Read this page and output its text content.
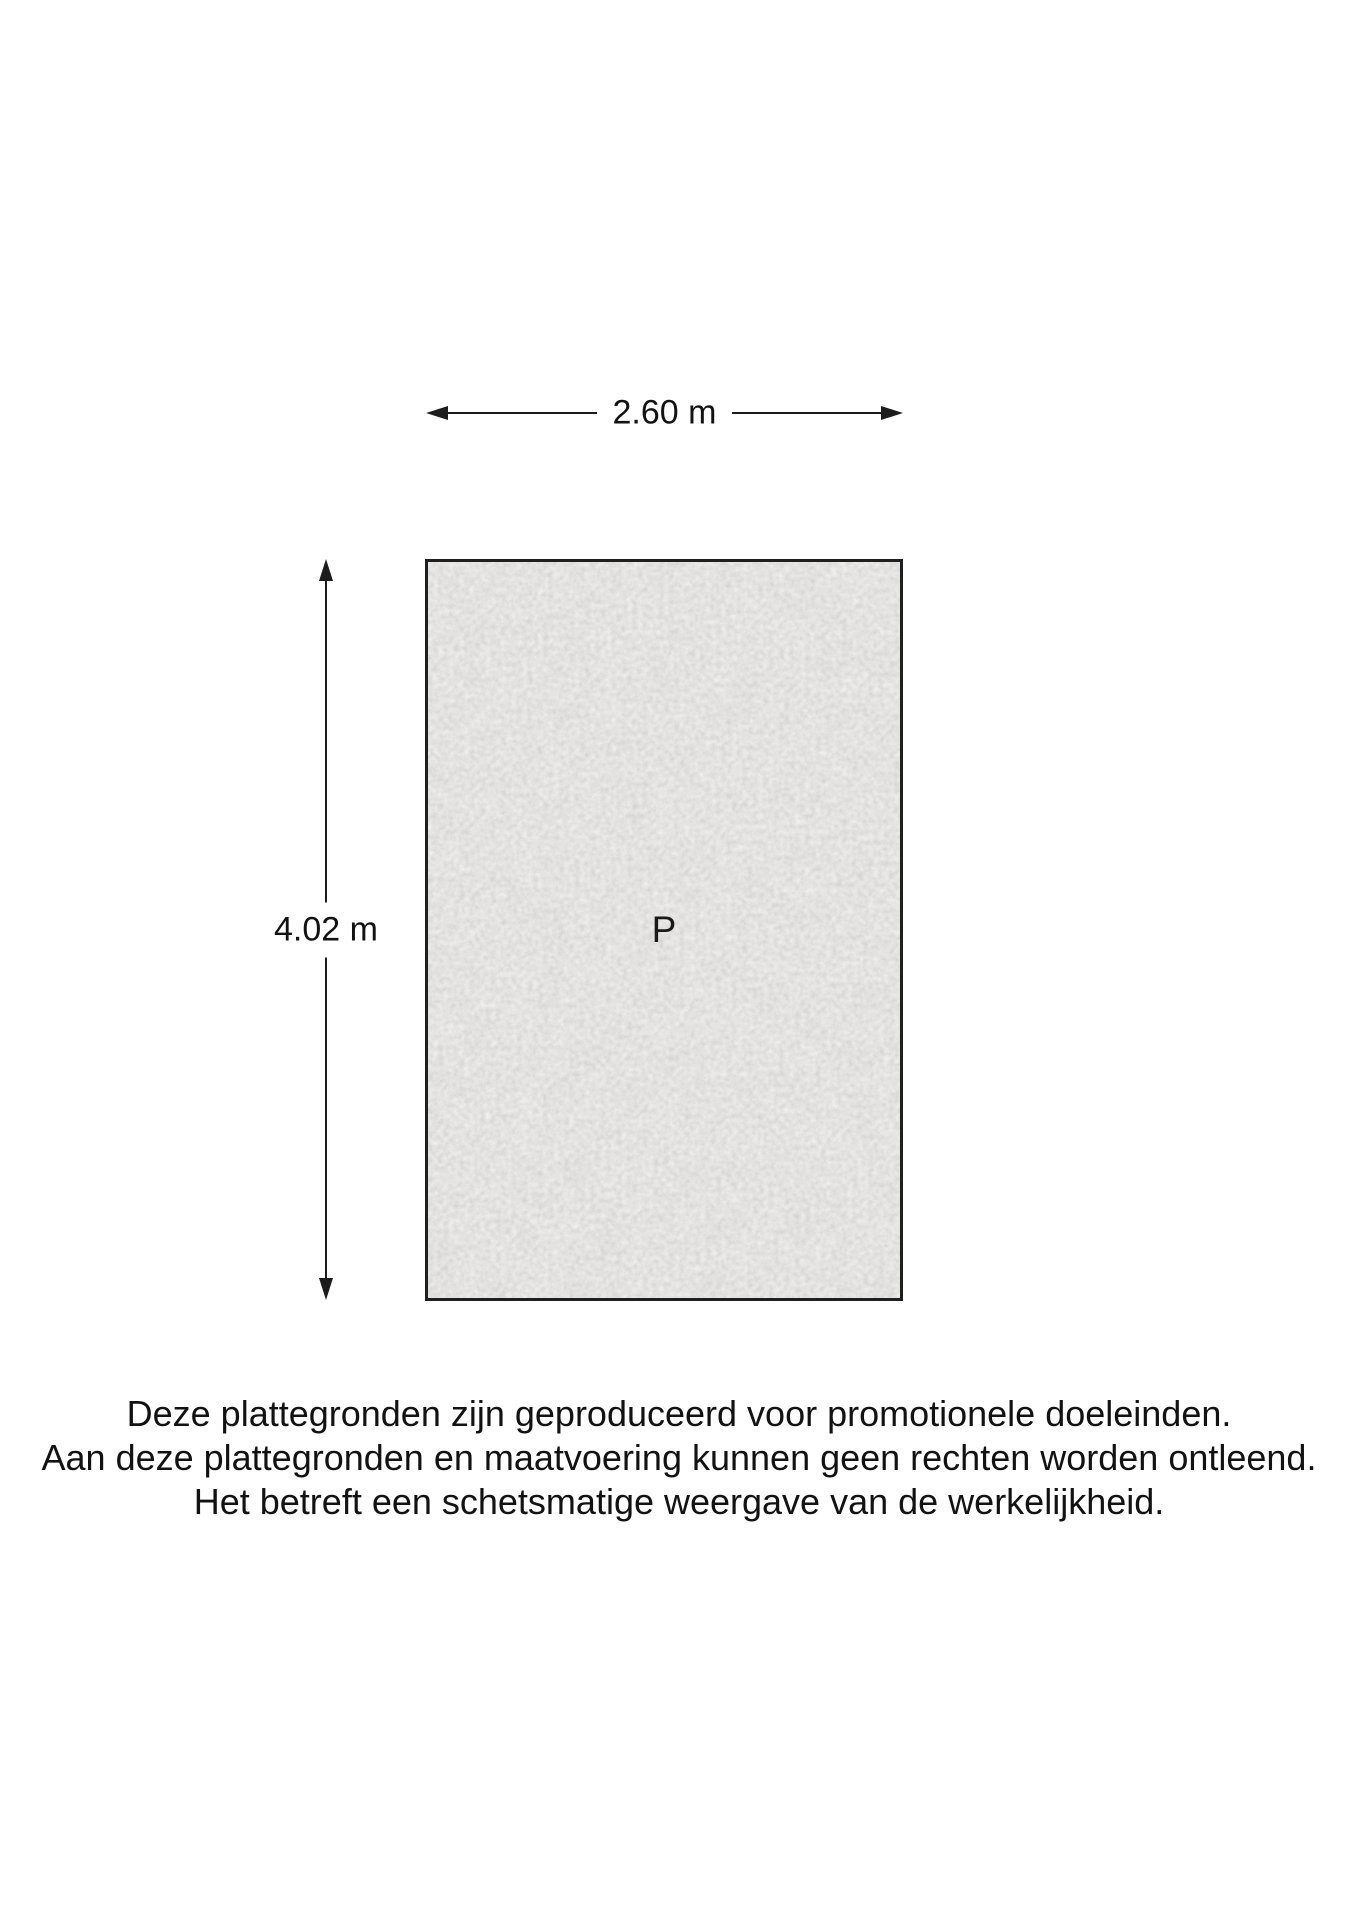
2.60 m
4.02 m	P
Deze plattegronden zijn geproduceerd voor promotionele doeleinden.
Aan deze plattegronden en maatvoering kunnen geen rechten worden ontleend.
Het betreft een schetsmatige weergave van de werkelijkheid.
